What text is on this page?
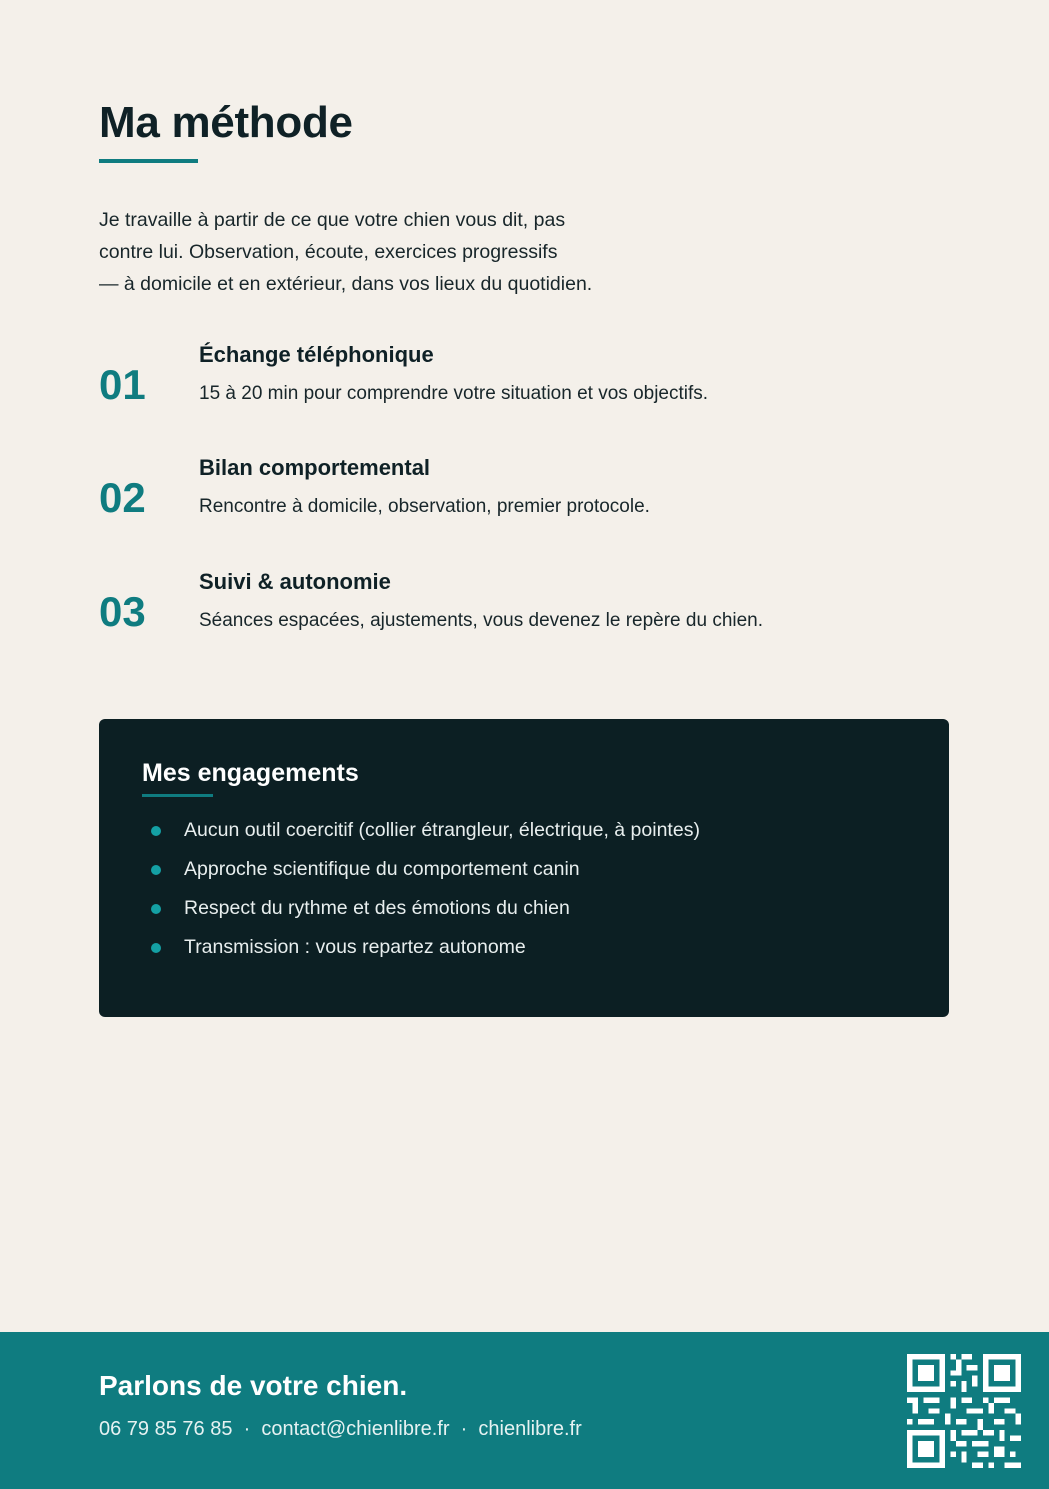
Ma méthode
Je travaille à partir de ce que votre chien vous dit, pas
contre lui. Observation, écoute, exercices progressifs
— à domicile et en extérieur, dans vos lieux du quotidien.
01
Échange téléphonique
15 à 20 min pour comprendre votre situation et vos objectifs.
02
Bilan comportemental
Rencontre à domicile, observation, premier protocole.
03
Suivi & autonomie
Séances espacées, ajustements, vous devenez le repère du chien.
Mes engagements
Aucun outil coercitif (collier étrangleur, électrique, à pointes)
Approche scientifique du comportement canin
Respect du rythme et des émotions du chien
Transmission : vous repartez autonome
Parlons de votre chien.
06 79 85 76 85  ·  contact@chienlibre.fr  ·  chienlibre.fr
